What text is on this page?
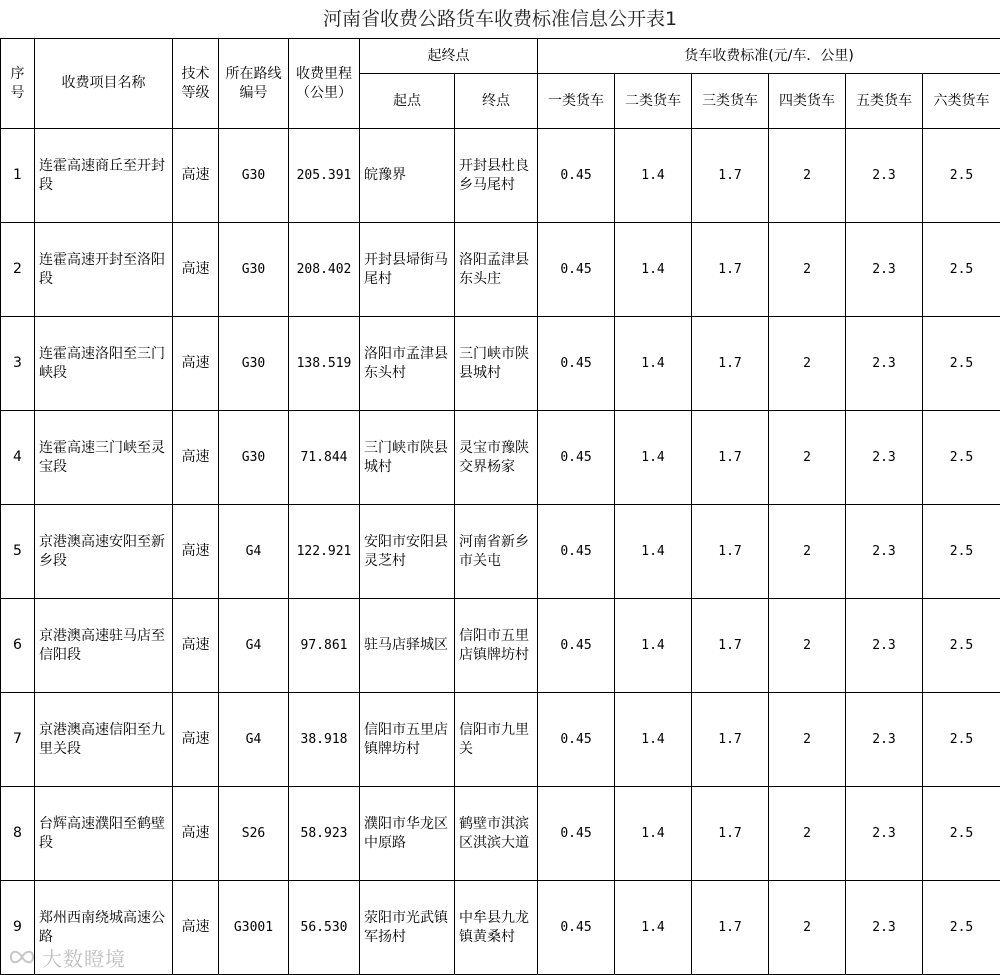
河南省收费公路货车收费标准信息公开表1
序号	收费项目名称	技术等级	所在路线编号	收费里程（公里）	起终点		货车收费标准(元/车．公里)					
					起点	终点	一类货车	二类货车	三类货车	四类货车	五类货车	六类货车
1	连霍高速商丘至开封段	高速	G30	205.391	皖豫界	开封县杜良乡马尾村	0.45	1.4	1.7	2	2.3	2.5
2	连霍高速开封至洛阳段	高速	G30	208.402	开封县埽街马尾村	洛阳孟津县东头庄	0.45	1.4	1.7	2	2.3	2.5
3	连霍高速洛阳至三门峡段	高速	G30	138.519	洛阳市孟津县东头村	三门峡市陕县城村	0.45	1.4	1.7	2	2.3	2.5
4	连霍高速三门峡至灵宝段	高速	G30	71.844	三门峡市陕县城村	灵宝市豫陕交界杨家	0.45	1.4	1.7	2	2.3	2.5
5	京港澳高速安阳至新乡段	高速	G4	122.921	安阳市安阳县灵芝村	河南省新乡市关屯	0.45	1.4	1.7	2	2.3	2.5
6	京港澳高速驻马店至信阳段	高速	G4	97.861	驻马店驿城区	信阳市五里店镇牌坊村	0.45	1.4	1.7	2	2.3	2.5
7	京港澳高速信阳至九里关段	高速	G4	38.918	信阳市五里店镇牌坊村	信阳市九里关	0.45	1.4	1.7	2	2.3	2.5
8	台辉高速濮阳至鹤壁段	高速	S26	58.923	濮阳市华龙区中原路	鹤壁市淇滨区淇滨大道	0.45	1.4	1.7	2	2.3	2.5
9	郑州西南绕城高速公路	高速	G3001	56.530	荥阳市光武镇军扬村	中牟县九龙镇黄桑村	0.45	1.4	1.7	2	2.3	2.5
大数瞪境
